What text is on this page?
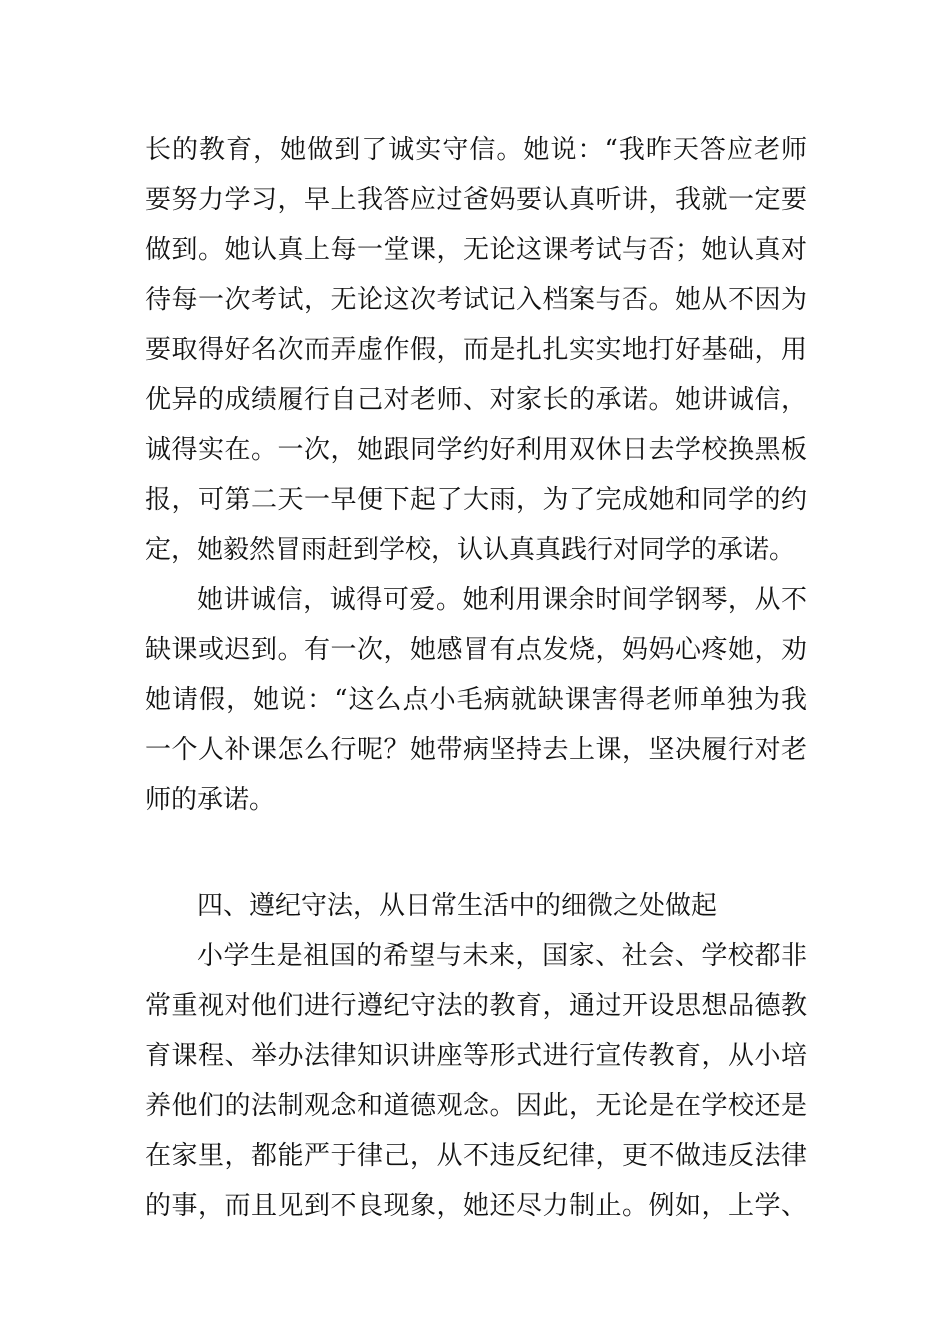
长的教育，她做到了诚实守信。她说：“我昨天答应老师
要努力学习，早上我答应过爸妈要认真听讲，我就一定要
做到。她认真上每一堂课，无论这课考试与否；她认真对
待每一次考试，无论这次考试记入档案与否。她从不因为
要取得好名次而弄虚作假，而是扎扎实实地打好基础，用
优异的成绩履行自己对老师、对家长的承诺。她讲诚信，
诚得实在。一次，她跟同学约好利用双休日去学校换黑板
报，可第二天一早便下起了大雨，为了完成她和同学的约
定，她毅然冒雨赶到学校，认认真真践行对同学的承诺。
她讲诚信，诚得可爱。她利用课余时间学钢琴，从不
缺课或迟到。有一次，她感冒有点发烧，妈妈心疼她，劝
她请假，她说：“这么点小毛病就缺课害得老师单独为我
一个人补课怎么行呢？她带病坚持去上课，坚决履行对老
师的承诺。
四、遵纪守法，从日常生活中的细微之处做起
小学生是祖国的希望与未来，国家、社会、学校都非
常重视对他们进行遵纪守法的教育，通过开设思想品德教
育课程、举办法律知识讲座等形式进行宣传教育，从小培
养他们的法制观念和道德观念。因此，无论是在学校还是
在家里，都能严于律己，从不违反纪律，更不做违反法律
的事，而且见到不良现象，她还尽力制止。例如，上学、
